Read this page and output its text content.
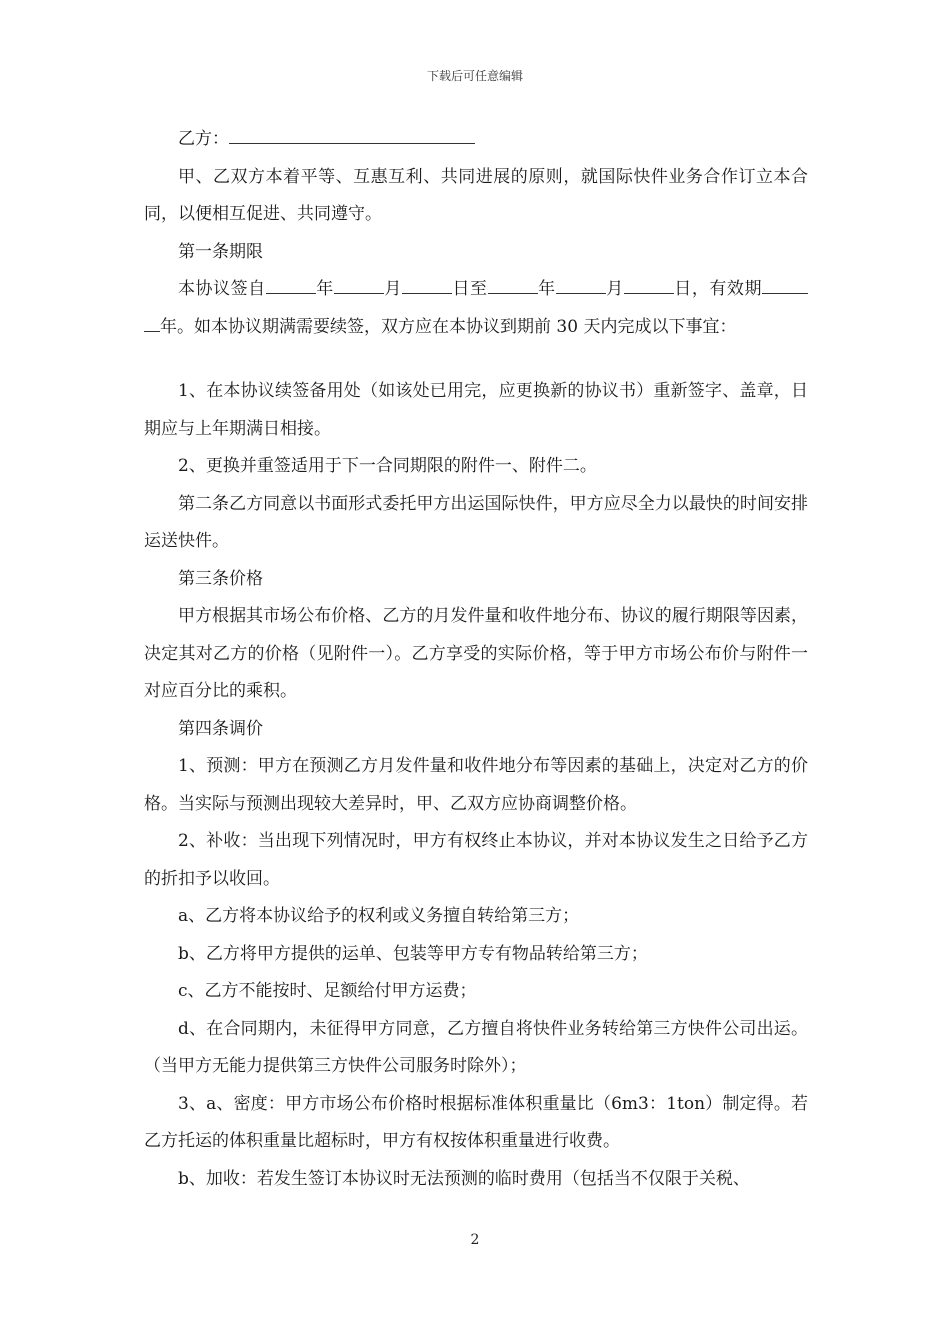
下载后可任意编辑

乙方：

甲、乙双方本着平等、互惠互利、共同进展的原则，就国际快件业务合作订立本合同，以便相互促进、共同遵守。

第一条期限

本协议签自	年	月	日至	年	月	日，有效期年。如本协议期满需要续签，双方应在本协议到期前 30 天内完成以下事宜：

1、在本协议续签备用处（如该处已用完，应更换新的协议书）重新签字、盖章，日期应与上年期满日相接。

2、更换并重签适用于下一合同期限的附件一、附件二。

第二条乙方同意以书面形式委托甲方出运国际快件，甲方应尽全力以最快的时间安排运送快件。

第三条价格

甲方根据其市场公布价格、乙方的月发件量和收件地分布、协议的履行期限等因素，决定其对乙方的价格（见附件一）。乙方享受的实际价格，等于甲方市场公布价与附件一对应百分比的乘积。

第四条调价

1、预测：甲方在预测乙方月发件量和收件地分布等因素的基础上，决定对乙方的价格。当实际与预测出现较大差异时，甲、乙双方应协商调整价格。

2、补收：当出现下列情况时，甲方有权终止本协议，并对本协议发生之日给予乙方的折扣予以收回。

a、乙方将本协议给予的权利或义务擅自转给第三方；

b、乙方将甲方提供的运单、包装等甲方专有物品转给第三方；

c、乙方不能按时、足额给付甲方运费；

d、在合同期内，未征得甲方同意，乙方擅自将快件业务转给第三方快件公司出运。（当甲方无能力提供第三方快件公司服务时除外）；

3、a、密度：甲方市场公布价格时根据标准体积重量比（6m3：1ton）制定得。若乙方托运的体积重量比超标时，甲方有权按体积重量进行收费。

b、加收：若发生签订本协议时无法预测的临时费用（包括当不仅限于关税、

2
